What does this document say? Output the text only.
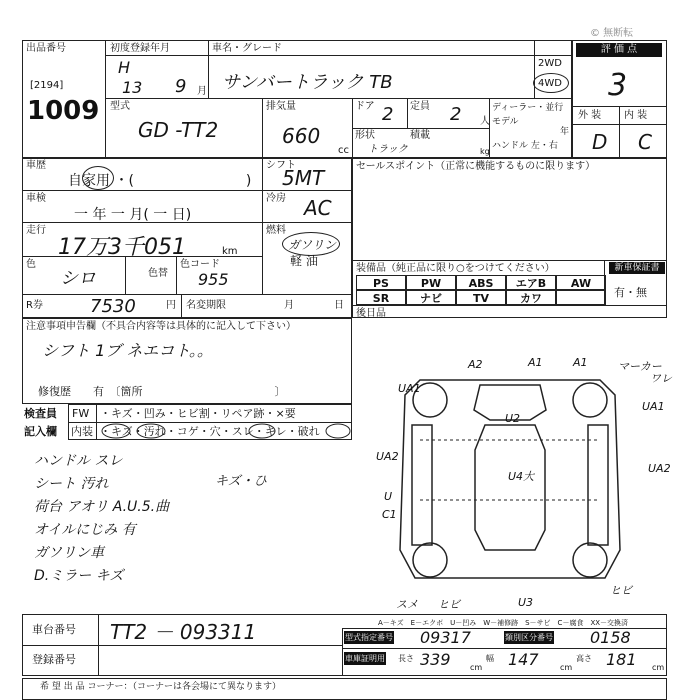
出品番号
[2194]
1009
初度登録年月
H
13 9 月
車名・グレード
サンバートラック TB
型式
GD -TT2
排気量
660
cc
ドア 2 定員 2 人
形状
トラック
積載
kg
ディーラー・並行
モデル
年
ハンドル 左・右
2WD
4WD
評 価 点
3
外 装 内 装
D C
© 無断転
車歴
自家用 ・(　　　　　　　　)
シフト
5MT
車検
一 年 一 月( 一 日)
冷房 AC
走行
17万3千051	km
燃料
ガソリン
軽 油
色
シロ	色替
色コード
955
R券	7530	円 名変期限	月	日
セールスポイント（正常に機能するものに限ります）
装備品（純正品に限り○をつけてください）	新車保証書
有・無
PS	PW	ABS	エアB	AW
SR	ナビ	TV	カワ
後日品
注意事項申告欄（不具合内容等は具体的に記入して下さい）
シフト 1ブ ネエコト。。
修復歴　　有　〔箇所　　　　　　　　　　　　〕
検査員
記入欄
FW ・キズ・凹み・ヒビ割・リペア跡・×要
内装 ・キズ・汚れ・コゲ・穴・スレ・キレ・破れ
ハンドル スレ
シート 汚れ
荷台 アオリ A.U.5.曲
オイルにじみ 有
ガソリン車
D.ミラー キズ
キズ・ひ
A2	A1	A1	マーカー
ワレ
UA1
UA1
U2
UA2
U4大
UA2
U
C1
スメ ヒビ	U3
ヒビ
A－キズ　E－エクボ　U－凹み　W－補修跡　S－サビ　C－腐食　XX－交換済
車台番号 TT2 － 093311
登録番号
型式指定番号 09317	類別区分番号 0158
車庫証明用 長さ 339 cm
幅 147	cm
高さ 181 cm
希 望 出 品 コーナー：（コーナーは各会場にて異なります）
